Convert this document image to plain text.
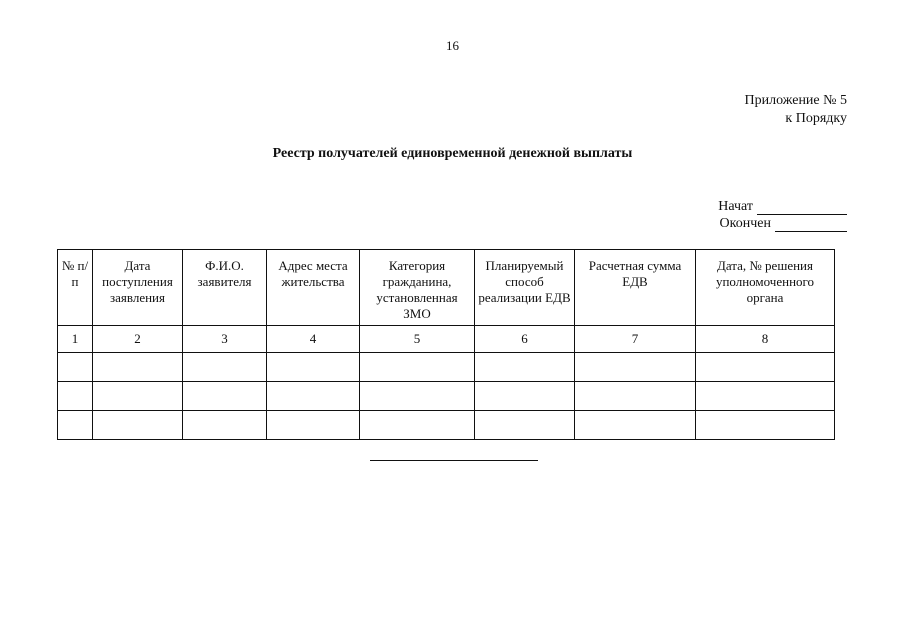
16
Приложение № 5
к Порядку
Реестр получателей единовременной денежной выплаты
Начат
Окончен
№ п/п	Дата поступления заявления	Ф.И.О. заявителя	Адрес места жительства	Категория гражданина, установленная ЗМО	Планируемый способ реализации ЕДВ	Расчетная сумма ЕДВ	Дата, № решения уполномоченного органа
1	2	3	4	5	6	7	8
